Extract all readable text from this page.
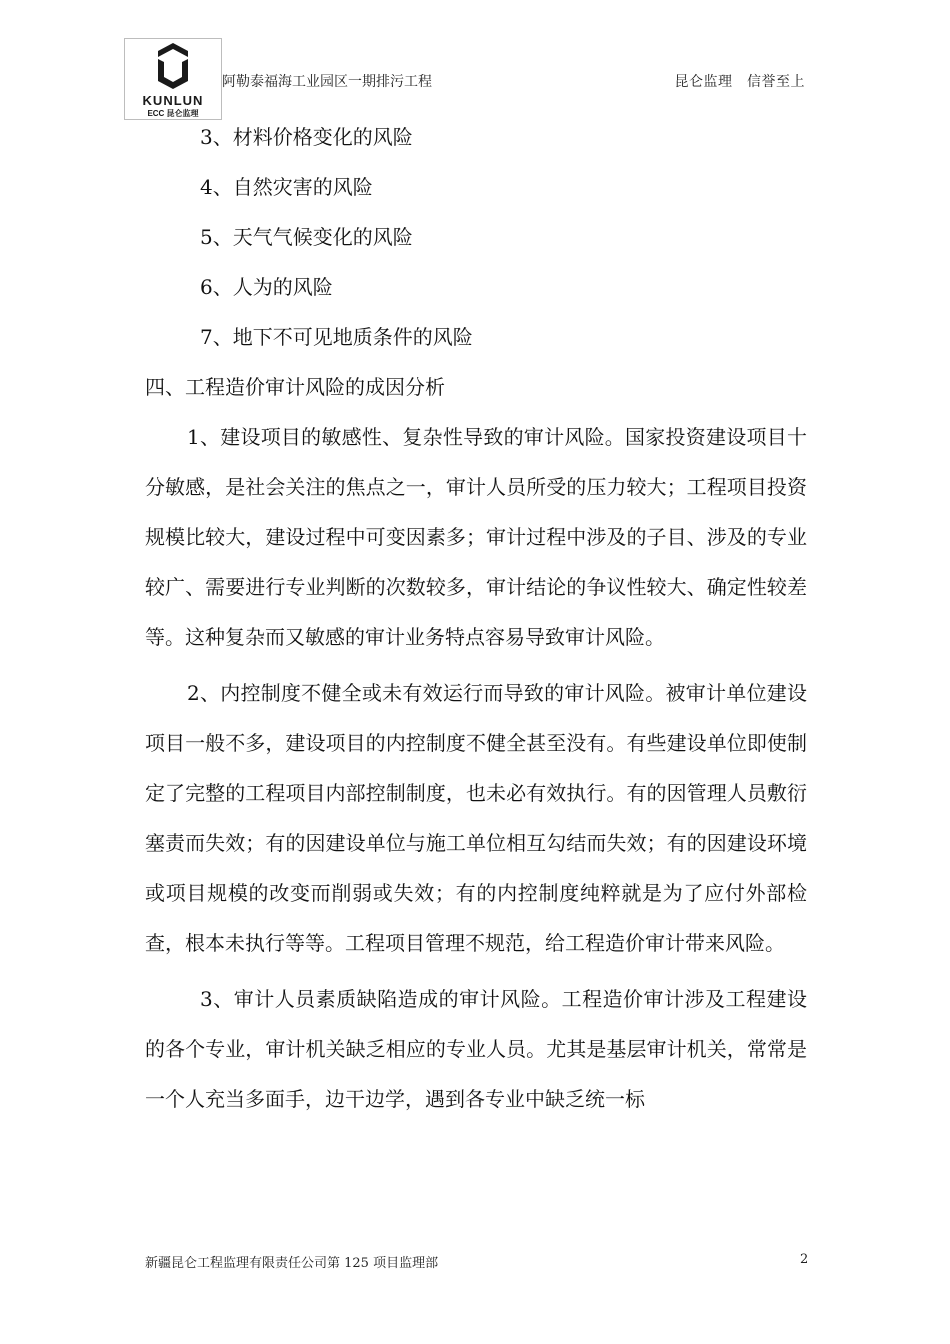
KUNLUN
ECC 昆仑监理
阿勒泰福海工业园区一期排污工程	昆仑监理　信誉至上

3、材料价格变化的风险

4、自然灾害的风险

5、天气气候变化的风险

6、人为的风险

7、地下不可见地质条件的风险

四、工程造价审计风险的成因分析

1、建设项目的敏感性、复杂性导致的审计风险。国家投资建设项目十分敏感，是社会关注的焦点之一，审计人员所受的压力较大；工程项目投资规模比较大，建设过程中可变因素多；审计过程中涉及的子目、涉及的专业较广、需要进行专业判断的次数较多，审计结论的争议性较大、确定性较差等。这种复杂而又敏感的审计业务特点容易导致审计风险。

2、内控制度不健全或未有效运行而导致的审计风险。被审计单位建设项目一般不多，建设项目的内控制度不健全甚至没有。有些建设单位即使制定了完整的工程项目内部控制制度，也未必有效执行。有的因管理人员敷衍塞责而失效；有的因建设单位与施工单位相互勾结而失效；有的因建设环境或项目规模的改变而削弱或失效；有的内控制度纯粹就是为了应付外部检查，根本未执行等等。工程项目管理不规范，给工程造价审计带来风险。

3、审计人员素质缺陷造成的审计风险。工程造价审计涉及工程建设的各个专业，审计机关缺乏相应的专业人员。尤其是基层审计机关，常常是一个人充当多面手，边干边学，遇到各专业中缺乏统一标

新疆昆仑工程监理有限责任公司第 125 项目监理部	2
